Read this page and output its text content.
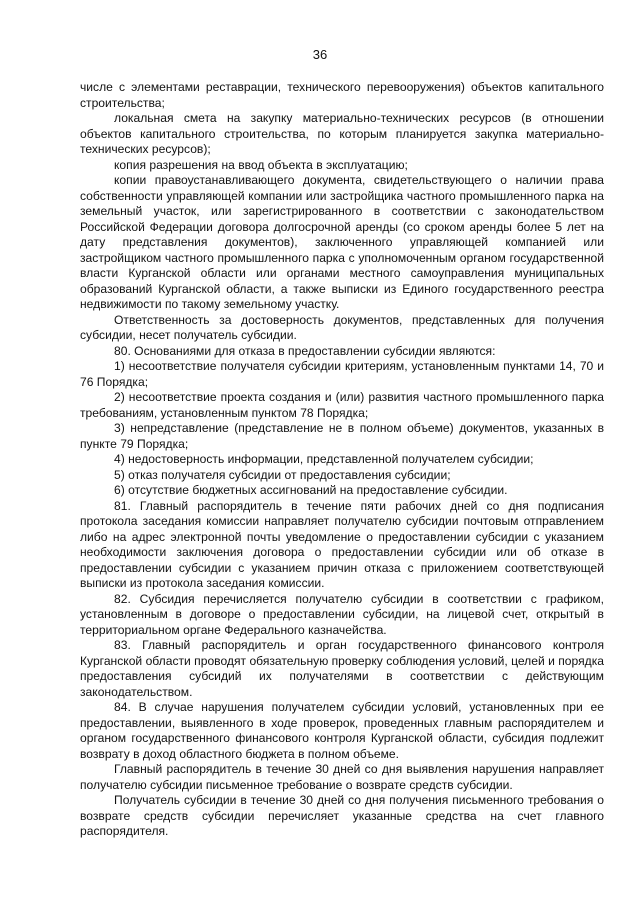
36

числе с элементами реставрации, технического перевооружения) объектов капитального строительства;

локальная смета на закупку материально-технических ресурсов (в отношении объектов капитального строительства, по которым планируется закупка материально-технических ресурсов);

копия разрешения на ввод объекта в эксплуатацию;

копии правоустанавливающего документа, свидетельствующего о наличии права собственности управляющей компании или застройщика частного промышленного парка на земельный участок, или зарегистрированного в соответствии с законодательством Российской Федерации договора долгосрочной аренды (со сроком аренды более 5 лет на дату представления документов), заключенного управляющей компанией или застройщиком частного промышленного парка с уполномоченным органом государственной власти Курганской области или органами местного самоуправления муниципальных образований Курганской области, а также выписки из Единого государственного реестра недвижимости по такому земельному участку.

Ответственность за достоверность документов, представленных для получения субсидии, несет получатель субсидии.

80. Основаниями для отказа в предоставлении субсидии являются:

1) несоответствие получателя субсидии критериям, установленным пунктами 14, 70 и 76 Порядка;

2) несоответствие проекта создания и (или) развития частного промышленного парка требованиям, установленным пунктом 78 Порядка;

3) непредставление (представление не в полном объеме) документов, указанных в пункте 79 Порядка;

4) недостоверность информации, представленной получателем субсидии;

5) отказ получателя субсидии от предоставления субсидии;

6) отсутствие бюджетных ассигнований на предоставление субсидии.

81. Главный распорядитель в течение пяти рабочих дней со дня подписания протокола заседания комиссии направляет получателю субсидии почтовым отправлением либо на адрес электронной почты уведомление о предоставлении субсидии с указанием необходимости заключения договора о предоставлении субсидии или об отказе в предоставлении субсидии с указанием причин отказа с приложением соответствующей выписки из протокола заседания комиссии.

82. Субсидия перечисляется получателю субсидии в соответствии с графиком, установленным в договоре о предоставлении субсидии, на лицевой счет, открытый в территориальном органе Федерального казначейства.

83. Главный распорядитель и орган государственного финансового контроля Курганской области проводят обязательную проверку соблюдения условий, целей и порядка предоставления субсидий их получателями в соответствии с действующим законодательством.

84. В случае нарушения получателем субсидии условий, установленных при ее предоставлении, выявленного в ходе проверок, проведенных главным распорядителем и органом государственного финансового контроля Курганской области, субсидия подлежит возврату в доход областного бюджета в полном объеме.

Главный распорядитель в течение 30 дней со дня выявления нарушения направляет получателю субсидии письменное требование о возврате средств субсидии.

Получатель субсидии в течение 30 дней со дня получения письменного требования о возврате средств субсидии перечисляет указанные средства на счет главного распорядителя.
